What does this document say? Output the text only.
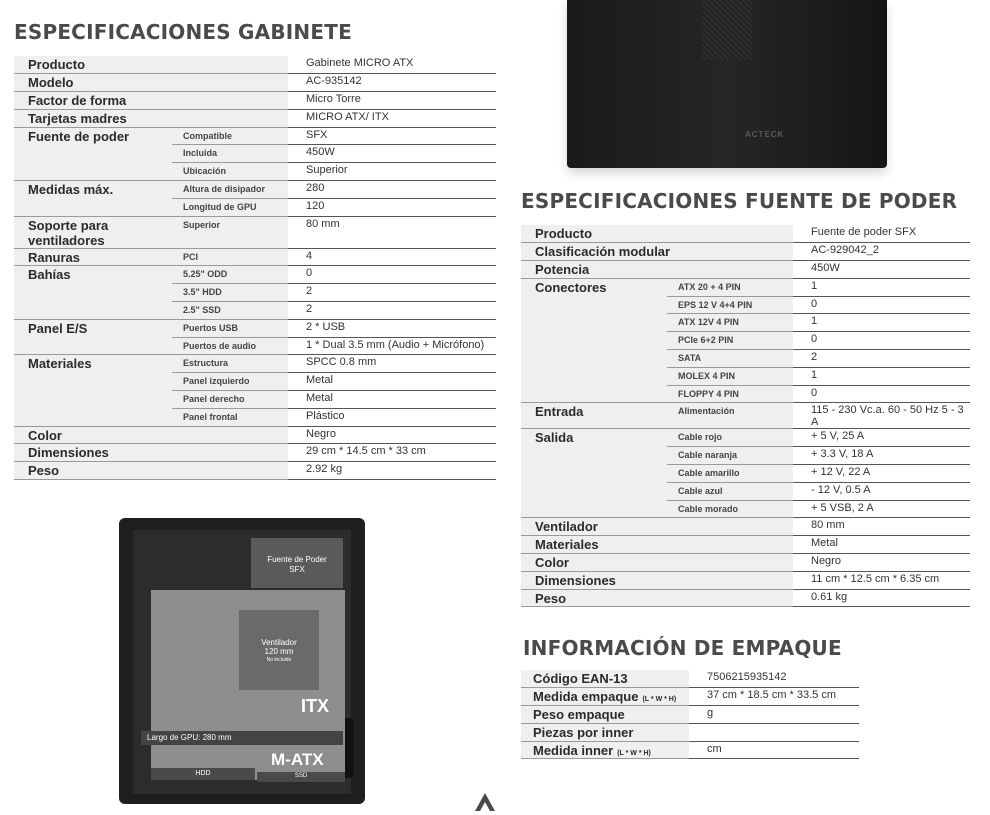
ESPECIFICACIONES GABINETE
Producto		Gabinete MICRO ATX
Modelo		AC-935142
Factor de forma		Micro Torre
Tarjetas madres		MICRO ATX/ ITX
Fuente de poder	Compatible	SFX
	Incluida	450W
	Ubicación	Superior
Medidas máx.	Altura de disipador	280
	Longitud de GPU	120
Soporte para ventiladores	Superior	80 mm
Ranuras	PCI	4
Bahías	5.25" ODD	0
	3.5" HDD	2
	2.5" SSD	2
Panel E/S	Puertos USB	2 * USB
	Puertos de audio	1 * Dual 3.5 mm (Audio + Micrófono)
Materiales	Estructura	SPCC 0.8 mm
	Panel izquierdo	Metal
	Panel derecho	Metal
	Panel frontal	Plástico
Color		Negro
Dimensiones		29 cm * 14.5 cm * 33 cm
Peso		2.92 kg
ACTECK
ESPECIFICACIONES FUENTE DE PODER
Producto		Fuente de poder SFX
Clasificación modular		AC-929042_2
Potencia		450W
Conectores	ATX 20 + 4 PIN	1
	EPS 12 V 4+4 PIN	0
	ATX 12V 4 PIN	1
	PCIe 6+2 PIN	0
	SATA	2
	MOLEX 4 PIN	1
	FLOPPY 4 PIN	0
Entrada	Alimentación	115 - 230 Vc.a. 60 - 50 Hz 5 - 3 A
Salida	Cable rojo	+ 5 V, 25 A
	Cable naranja	+ 3.3 V, 18 A
	Cable amarillo	+ 12 V, 22 A
	Cable azul	- 12 V, 0.5 A
	Cable morado	+ 5 VSB, 2 A
Ventilador		80 mm
Materiales		Metal
Color		Negro
Dimensiones		11 cm * 12.5 cm * 6.35 cm
Peso		0.61 kg
INFORMACIÓN DE EMPAQUE
Código EAN-13	7506215935142
Medida empaque (L * W * H)	37 cm * 18.5 cm * 33.5 cm
Peso empaque	g
Piezas por inner	
Medida inner (L * W * H)	cm
Fuente de Poder
SFX
Ventilador
120 mm
No incluido
ITX
Largo de GPU: 280 mm
M-ATX
HDD	SSD
